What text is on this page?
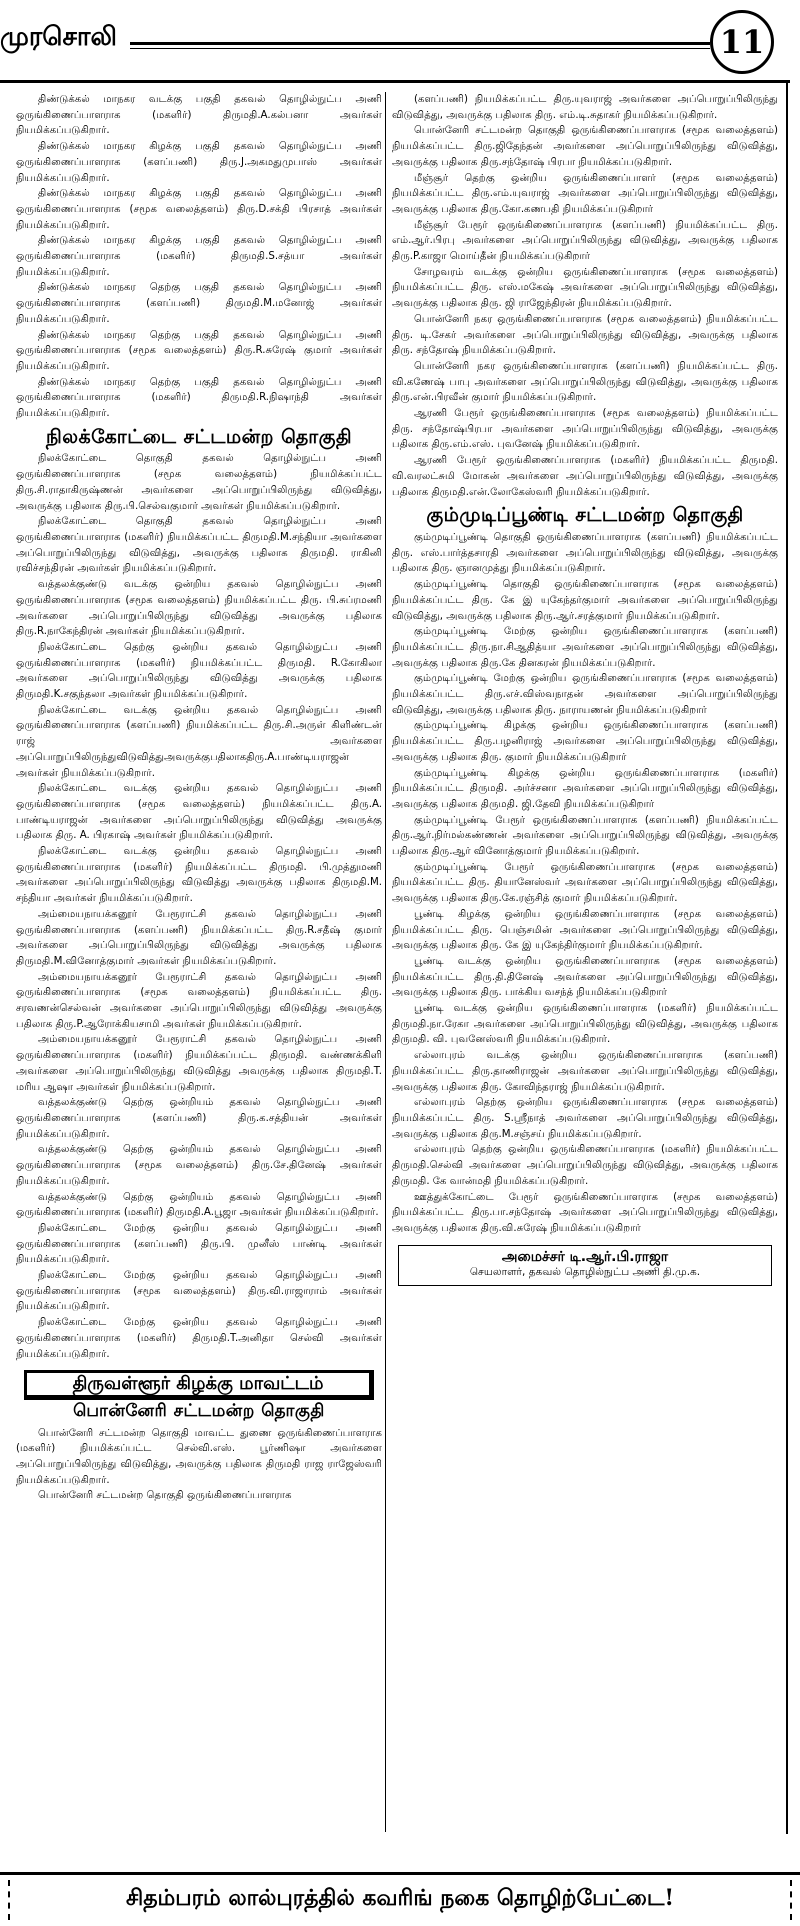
முரசொலி	11

திண்டுக்கல் மாநகர வடக்கு பகுதி தகவல் தொழில்நுட்ப அணி ஒருங்கிணைப்பாளராக (மகளிர்) திருமதி.A.கல்பனா அவர்கள் நியமிக்கப்படுகிறார்.

திண்டுக்கல் மாநகர கிழக்கு பகுதி தகவல் தொழில்நுட்ப அணி ஒருங்கிணைப்பாளராக (களப்பணி) திரு.J.அகமதுமுபாஸ் அவர்கள் நியமிக்கப்படுகிறார்.

திண்டுக்கல் மாநகர கிழக்கு பகுதி தகவல் தொழில்நுட்ப அணி ஒருங்கிணைப்பாளராக (சமூக வலைத்தளம்) திரு.D.சக்தி பிரசாத் அவர்கள் நியமிக்கப்படுகிறார்.

திண்டுக்கல் மாநகர கிழக்கு பகுதி தகவல் தொழில்நுட்ப அணி ஒருங்கிணைப்பாளராக (மகளிர்) திருமதி.S.சத்யா அவர்கள் நியமிக்கப்படுகிறார்.

திண்டுக்கல் மாநகர தெற்கு பகுதி தகவல் தொழில்நுட்ப அணி ஒருங்கிணைப்பாளராக (களப்பணி) திருமதி.M.மனோஜ் அவர்கள் நியமிக்கப்படுகிறார்.

திண்டுக்கல் மாநகர தெற்கு பகுதி தகவல் தொழில்நுட்ப அணி ஒருங்கிணைப்பாளராக (சமூக வலைத்தளம்) திரு.R.சுரேஷ் குமார் அவர்கள் நியமிக்கப்படுகிறார்.

திண்டுக்கல் மாநகர தெற்கு பகுதி தகவல் தொழில்நுட்ப அணி ஒருங்கிணைப்பாளராக (மகளிர்) திருமதி.R.நிஷாந்தி அவர்கள் நியமிக்கப்படுகிறார்.

நிலக்கோட்டை சட்டமன்ற தொகுதி

நிலக்கோட்டை தொகுதி தகவல் தொழில்நுட்ப அணி ஒருங்கிணைப்பாளராக (சமூக வலைத்தளம்) நியமிக்கப்பட்ட திரு.சி.ராதாகிருஷ்ணன் அவர்களை அப்பொறுப்பிலிருந்து விடுவித்து, அவருக்கு பதிலாக திரு.பி.செல்வகுமார் அவர்கள் நியமிக்கப்படுகிறார்.

நிலக்கோட்டை தொகுதி தகவல் தொழில்நுட்ப அணி ஒருங்கிணைப்பாளராக (மகளிர்) நியமிக்கப்பட்ட திருமதி.M.சந்தியா அவர்களை அப்பொறுப்பிலிருந்து விடுவித்து, அவருக்கு பதிலாக திருமதி. ராகினி ரவிச்சந்திரன் அவர்கள் நியமிக்கப்படுகிறார்.

வத்தலக்குண்டு வடக்கு ஒன்றிய தகவல் தொழில்நுட்ப அணி ஒருங்கிணைப்பாளராக (சமூக வலைத்தளம்) நியமிக்கப்பட்ட திரு. பி.சுப்ரமணி அவர்களை அப்பொறுப்பிலிருந்து விடுவித்து அவருக்கு பதிலாக திரு.R.நாகேந்திரன் அவர்கள் நியமிக்கப்படுகிறார்.

நிலக்கோட்டை தெற்கு ஒன்றிய தகவல் தொழில்நுட்ப அணி ஒருங்கிணைப்பாளராக (மகளிர்) நியமிக்கப்பட்ட திருமதி. R.கோகிலா அவர்களை அப்பொறுப்பிலிருந்து விடுவித்து அவருக்கு பதிலாக திருமதி.K.சகுந்தலா அவர்கள் நியமிக்கப்படுகிறார்.

நிலக்கோட்டை வடக்கு ஒன்றிய தகவல் தொழில்நுட்ப அணி ஒருங்கிணைப்பாளராக (களப்பணி) நியமிக்கப்பட்ட திரு.சி.அருள் கிளிண்டன் ராஜ் அவர்களை அப்பொறுப்பிலிருந்துவிடுவித்துஅவருக்குபதிலாகதிரு.A.பாண்டியராஜன் அவர்கள் நியமிக்கப்படுகிறார்.

நிலக்கோட்டை வடக்கு ஒன்றிய தகவல் தொழில்நுட்ப அணி ஒருங்கிணைப்பாளராக (சமூக வலைத்தளம்) நியமிக்கப்பட்ட திரு.A. பாண்டியராஜன் அவர்களை அப்பொறுப்பிலிருந்து விடுவித்து அவருக்கு பதிலாக திரு. A. பிரகாஷ் அவர்கள் நியமிக்கப்படுகிறார்.

நிலக்கோட்டை வடக்கு ஒன்றிய தகவல் தொழில்நுட்ப அணி ஒருங்கிணைப்பாளராக (மகளிர்) நியமிக்கப்பட்ட திருமதி. பி.முத்துமணி அவர்களை அப்பொறுப்பிலிருந்து விடுவித்து அவருக்கு பதிலாக திருமதி.M. சந்தியா அவர்கள் நியமிக்கப்படுகிறார்.

அம்மையநாயக்கனூர் பேரூராட்சி தகவல் தொழில்நுட்ப அணி ஒருங்கிணைப்பாளராக (களப்பணி) நியமிக்கப்பட்ட திரு.R.சதீஷ் குமார் அவர்களை அப்பொறுப்பிலிருந்து விடுவித்து அவருக்கு பதிலாக திருமதி.M.வினோத்குமார் அவர்கள் நியமிக்கப்படுகிறார்.

அம்மையநாயக்கனூர் பேரூராட்சி தகவல் தொழில்நுட்ப அணி ஒருங்கிணைப்பாளராக (சமூக வலைத்தளம்) நியமிக்கப்பட்ட திரு. சரவணன்செல்வன் அவர்களை அப்பொறுப்பிலிருந்து விடுவித்து அவருக்கு பதிலாக திரு.P.ஆரோக்கியசாமி அவர்கள் நியமிக்கப்படுகிறார்.

அம்மையநாயக்கனூர் பேரூராட்சி தகவல் தொழில்நுட்ப அணி ஒருங்கிணைப்பாளராக (மகளிர்) நியமிக்கப்பட்ட திருமதி. வண்ணக்கிளி அவர்களை அப்பொறுப்பிலிருந்து விடுவித்து அவருக்கு பதிலாக திருமதி.T. மரிய ஆஷா அவர்கள் நியமிக்கப்படுகிறார்.

வத்தலக்குண்டு தெற்கு ஒன்றியம் தகவல் தொழில்நுட்ப அணி ஒருங்கிணைப்பாளராக (களப்பணி) திரு.க.சத்தியன் அவர்கள் நியமிக்கப்படுகிறார்.

வத்தலக்குண்டு தெற்கு ஒன்றியம் தகவல் தொழில்நுட்ப அணி ஒருங்கிணைப்பாளராக (சமூக வலைத்தளம்) திரு.சே.தினேஷ் அவர்கள் நியமிக்கப்படுகிறார்.

வத்தலக்குண்டு தெற்கு ஒன்றியம் தகவல் தொழில்நுட்ப அணி ஒருங்கிணைப்பாளராக (மகளிர்) திருமதி.A.பூஜா அவர்கள் நியமிக்கப்படுகிறார்.

நிலக்கோட்டை மேற்கு ஒன்றிய தகவல் தொழில்நுட்ப அணி ஒருங்கிணைப்பாளராக (களப்பணி) திரு.பி. முனீஸ் பாண்டி அவர்கள் நியமிக்கப்படுகிறார்.

நிலக்கோட்டை மேற்கு ஒன்றிய தகவல் தொழில்நுட்ப அணி ஒருங்கிணைப்பாளராக (சமூக வலைத்தளம்) திரு.வி.ராஜாராம் அவர்கள் நியமிக்கப்படுகிறார்.

நிலக்கோட்டை மேற்கு ஒன்றிய தகவல் தொழில்நுட்ப அணி ஒருங்கிணைப்பாளராக (மகளிர்) திருமதி.T.அனிதா செல்வி அவர்கள் நியமிக்கப்படுகிறார்.

திருவள்ளூர் கிழக்கு மாவட்டம்
பொன்னேரி சட்டமன்ற தொகுதி

பொன்னேரி சட்டமன்ற தொகுதி மாவட்ட துணை ஒருங்கிணைப்பாளராக (மகளிர்) நியமிக்கப்பட்ட செல்வி.எஸ். பூர்ணிஷா அவர்களை அப்பொறுப்பிலிருந்து விடுவித்து, அவருக்கு பதிலாக திருமதி ராஜ ராஜேஸ்வரி நியமிக்கப்படுகிறார்.

பொன்னேரி சட்டமன்ற தொகுதி ஒருங்கிணைப்பாளராக

(களப்பணி) நியமிக்கப்பட்ட திரு.யுவராஜ் அவர்களை அப்பொறுப்பிலிருந்து விடுவித்து, அவருக்கு பதிலாக திரு. எம்.டி.சுதாகர் நியமிக்கப்படுகிறார்.

பொன்னேரி சட்டமன்ற தொகுதி ஒருங்கிணைப்பாளராக (சமூக வலைத்தளம்) நியமிக்கப்பட்ட திரு.ஜிதேந்தன் அவர்களை அப்பொறுப்பிலிருந்து விடுவித்து, அவருக்கு பதிலாக திரு.சந்தோஷ் பிரபா நியமிக்கப்படுகிறார்.

மீஞ்சூர் தெற்கு ஒன்றிய ஒருங்கிணைப்பாளர் (சமூக வலைத்தளம்) நியமிக்கப்பட்ட திரு.எம்.யுவராஜ் அவர்களை அப்பொறுப்பிலிருந்து விடுவித்து, அவருக்கு பதிலாக திரு.கோ.கணபதி நியமிக்கப்படுகிறார்

மீஞ்சூர் பேரூர் ஒருங்கிணைப்பாளராக (களப்பணி) நியமிக்கப்பட்ட திரு. எம்.ஆர்.பிரபு அவர்களை அப்பொறுப்பிலிருந்து விடுவித்து, அவருக்கு பதிலாக திரு.P.காஜா மொய்தீன் நியமிக்கப்படுகிறார்

சோழவரம் வடக்கு ஒன்றிய ஒருங்கிணைப்பாளராக (சமூக வலைத்தளம்) நியமிக்கப்பட்ட திரு. எஸ்.மகேஷ் அவர்களை அப்பொறுப்பிலிருந்து விடுவித்து, அவருக்கு பதிலாக திரு. ஜி ராஜேந்திரன் நியமிக்கப்படுகிறார்.

பொன்னேரி நகர ஒருங்கிணைப்பாளராக (சமூக வலைத்தளம்) நியமிக்கப்பட்ட திரு. டி.சேகர் அவர்களை அப்பொறுப்பிலிருந்து விடுவித்து, அவருக்கு பதிலாக திரு. சந்தோஷ் நியமிக்கப்படுகிறார்.

பொன்னேரி நகர ஒருங்கிணைப்பாளராக (களப்பணி) நியமிக்கப்பட்ட திரு. வி.கணேஷ் பாபு அவர்களை அப்பொறுப்பிலிருந்து விடுவித்து, அவருக்கு பதிலாக திரு.என்.பிரவீன் குமார் நியமிக்கப்படுகிறார்.

ஆரணி பேரூர் ஒருங்கிணைப்பாளராக (சமூக வலைத்தளம்) நியமிக்கப்பட்ட திரு. சந்தோஷ்பிரபா அவர்களை அப்பொறுப்பிலிருந்து விடுவித்து, அவருக்கு பதிலாக திரு.எம்.எஸ். புவனேஷ் நியமிக்கப்படுகிறார்.

ஆரணி பேரூர் ஒருங்கிணைப்பாளராக (மகளிர்) நியமிக்கப்பட்ட திருமதி. வி.வரலட்சுமி மோகன் அவர்களை அப்பொறுப்பிலிருந்து விடுவித்து, அவருக்கு பதிலாக திருமதி.என்.லோகேஸ்வரி நியமிக்கப்படுகிறார்.

கும்முடிப்பூண்டி சட்டமன்ற தொகுதி

கும்முடிப்பூண்டி தொகுதி ஒருங்கிணைப்பாளராக (களப்பணி) நியமிக்கப்பட்ட திரு. எஸ்.பார்த்தசாரதி அவர்களை அப்பொறுப்பிலிருந்து விடுவித்து, அவருக்கு பதிலாக திரு. ஞானமுத்து நியமிக்கப்படுகிறார்.

கும்முடிப்பூண்டி தொகுதி ஒருங்கிணைப்பாளராக (சமூக வலைத்தளம்) நியமிக்கப்பட்ட திரு. கே இ யுகேந்தர்குமார் அவர்களை அப்பொறுப்பிலிருந்து விடுவித்து, அவருக்கு பதிலாக திரு.ஆர்.சரத்குமார் நியமிக்கப்படுகிறார்.

கும்முடிப்பூண்டி மேற்கு ஒன்றிய ஒருங்கிணைப்பாளராக (களப்பணி) நியமிக்கப்பட்ட திரு.நா.சிஆதித்யா அவர்களை அப்பொறுப்பிலிருந்து விடுவித்து, அவருக்கு பதிலாக திரு.கே தினகரன் நியமிக்கப்படுகிறார்.

கும்முடிப்பூண்டி மேற்கு ஒன்றிய ஒருங்கிணைப்பாளராக (சமூக வலைத்தளம்) நியமிக்கப்பட்ட திரு.எச்.விஸ்வநாதன் அவர்களை அப்பொறுப்பிலிருந்து விடுவித்து, அவருக்கு பதிலாக திரு. நாராயணன் நியமிக்கப்படுகிறார்

கும்முடிப்பூண்டி கிழக்கு ஒன்றிய ஒருங்கிணைப்பாளராக (களப்பணி) நியமிக்கப்பட்ட திரு.பழனிராஜ் அவர்களை அப்பொறுப்பிலிருந்து விடுவித்து, அவருக்கு பதிலாக திரு. குமார் நியமிக்கப்படுகிறார்

கும்முடிப்பூண்டி கிழக்கு ஒன்றிய ஒருங்கிணைப்பாளராக (மகளிர்) நியமிக்கப்பட்ட திருமதி. அர்ச்சனா அவர்களை அப்பொறுப்பிலிருந்து விடுவித்து, அவருக்கு பதிலாக திருமதி. ஜி.தேவி நியமிக்கப்படுகிறார்

கும்முடிப்பூண்டி பேரூர் ஒருங்கிணைப்பாளராக (களப்பணி) நியமிக்கப்பட்ட திரு.ஆர்.நிர்மல்கண்ணன் அவர்களை அப்பொறுப்பிலிருந்து விடுவித்து, அவருக்கு பதிலாக திரு.ஆர் வினோத்குமார் நியமிக்கப்படுகிறார்.

கும்முடிப்பூண்டி பேரூர் ஒருங்கிணைப்பாளராக (சமூக வலைத்தளம்) நியமிக்கப்பட்ட திரு. தியானேஸ்வர் அவர்களை அப்பொறுப்பிலிருந்து விடுவித்து, அவருக்கு பதிலாக திரு.கே.ரஞ்சித் குமார் நியமிக்கப்படுகிறார்.

பூண்டி கிழக்கு ஒன்றிய ஒருங்கிணைப்பாளராக (சமூக வலைத்தளம்) நியமிக்கப்பட்ட திரு. பெஞ்சமின் அவர்களை அப்பொறுப்பிலிருந்து விடுவித்து, அவருக்கு பதிலாக திரு. கே இ யுகேந்திர்குமார் நியமிக்கப்படுகிறார்.

பூண்டி வடக்கு ஒன்றிய ஒருங்கிணைப்பாளராக (சமூக வலைத்தளம்) நியமிக்கப்பட்ட திரு.தி.தினேஷ் அவர்களை அப்பொறுப்பிலிருந்து விடுவித்து, அவருக்கு பதிலாக திரு. பாக்கிய வசந்த் நியமிக்கப்படுகிறார்

பூண்டி வடக்கு ஒன்றிய ஒருங்கிணைப்பாளராக (மகளிர்) நியமிக்கப்பட்ட திருமதி.நா.ரேகா அவர்களை அப்பொறுப்பிலிருந்து விடுவித்து, அவருக்கு பதிலாக திருமதி. வி. புவனேஸ்வரி நியமிக்கப்படுகிறார்.

எல்லாபுரம் வடக்கு ஒன்றிய ஒருங்கிணைப்பாளராக (களப்பணி) நியமிக்கப்பட்ட திரு.தாணிராஜன் அவர்களை அப்பொறுப்பிலிருந்து விடுவித்து, அவருக்கு பதிலாக திரு. கோவிந்தராஜ் நியமிக்கப்படுகிறார்.

எல்லாபுரம் தெற்கு ஒன்றிய ஒருங்கிணைப்பாளராக (சமூக வலைத்தளம்) நியமிக்கப்பட்ட திரு. S.ஸ்ரீநாத் அவர்களை அப்பொறுப்பிலிருந்து விடுவித்து, அவருக்கு பதிலாக திரு.M.சஞ்சய் நியமிக்கப்படுகிறார்.

எல்லாபுரம் தெற்கு ஒன்றிய ஒருங்கிணைப்பாளராக (மகளிர்) நியமிக்கப்பட்ட திருமதி.செல்வி அவர்களை அப்பொறுப்பிலிருந்து விடுவித்து, அவருக்கு பதிலாக திருமதி. கே வான்மதி நியமிக்கப்படுகிறார்.

ஊத்துக்கோட்டை பேரூர் ஒருங்கிணைப்பாளராக (சமூக வலைத்தளம்) நியமிக்கப்பட்ட திரு.பா.சந்தோஷ் அவர்களை அப்பொறுப்பிலிருந்து விடுவித்து, அவருக்கு பதிலாக திரு.வி.சுரேஷ் நியமிக்கப்படுகிறார்

அமைச்சர் டி.ஆர்.பி.ராஜா
செயலாளர், தகவல் தொழில்நுட்ப அணி தி.மு.க.
சிதம்பரம் லால்புரத்தில் கவரிங் நகை தொழிற்பேட்டை!
